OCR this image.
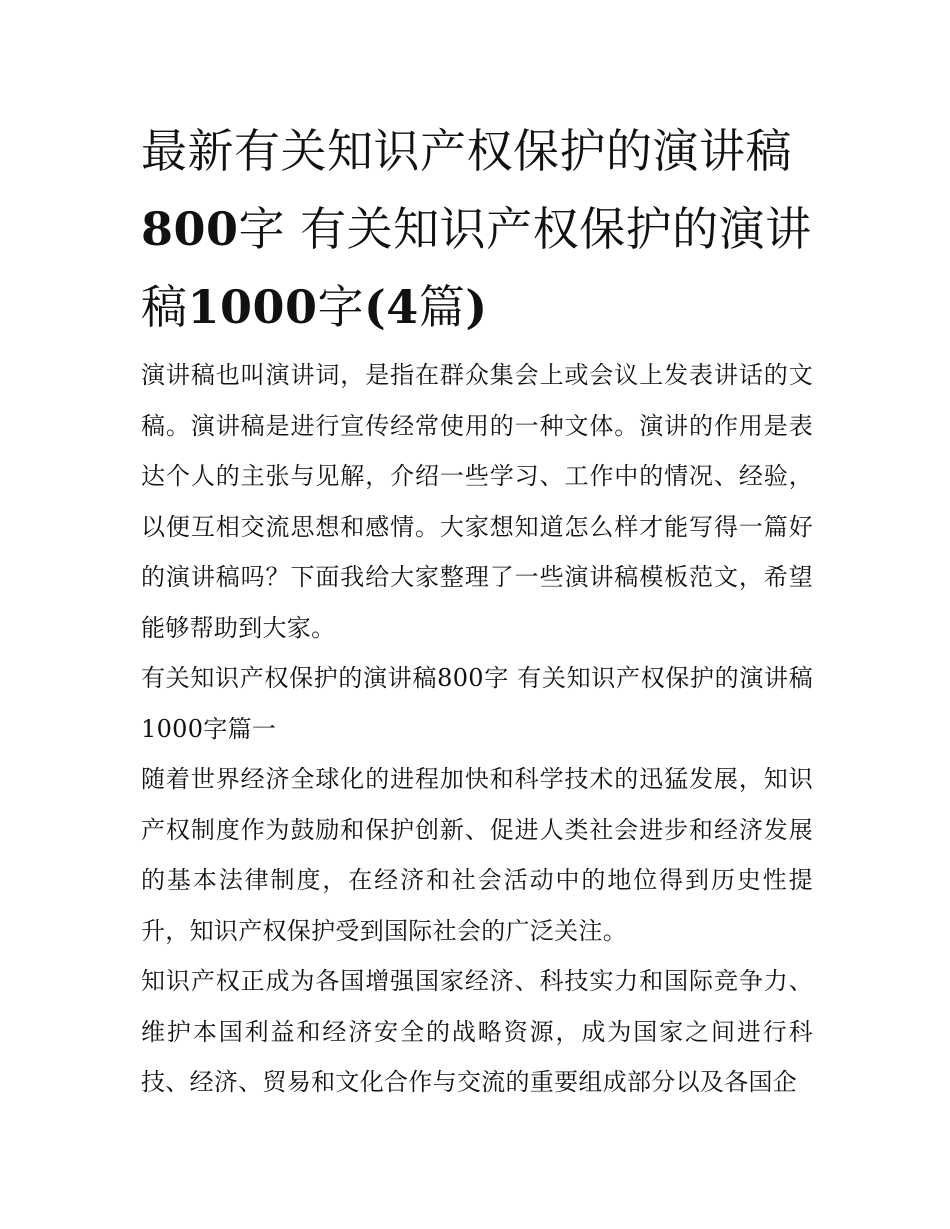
最新有关知识产权保护的演讲稿800字 有关知识产权保护的演讲稿1000字(4篇)

演讲稿也叫演讲词，是指在群众集会上或会议上发表讲话的文稿。演讲稿是进行宣传经常使用的一种文体。演讲的作用是表达个人的主张与见解，介绍一些学习、工作中的情况、经验，以便互相交流思想和感情。大家想知道怎么样才能写得一篇好的演讲稿吗？下面我给大家整理了一些演讲稿模板范文，希望能够帮助到大家。

有关知识产权保护的演讲稿800字 有关知识产权保护的演讲稿1000字篇一

随着世界经济全球化的进程加快和科学技术的迅猛发展，知识产权制度作为鼓励和保护创新、促进人类社会进步和经济发展的基本法律制度，在经济和社会活动中的地位得到历史性提升，知识产权保护受到国际社会的广泛关注。

知识产权正成为各国增强国家经济、科技实力和国际竞争力、维护本国利益和经济安全的战略资源，成为国家之间进行科技、经济、贸易和文化合作与交流的重要组成部分以及各国企
